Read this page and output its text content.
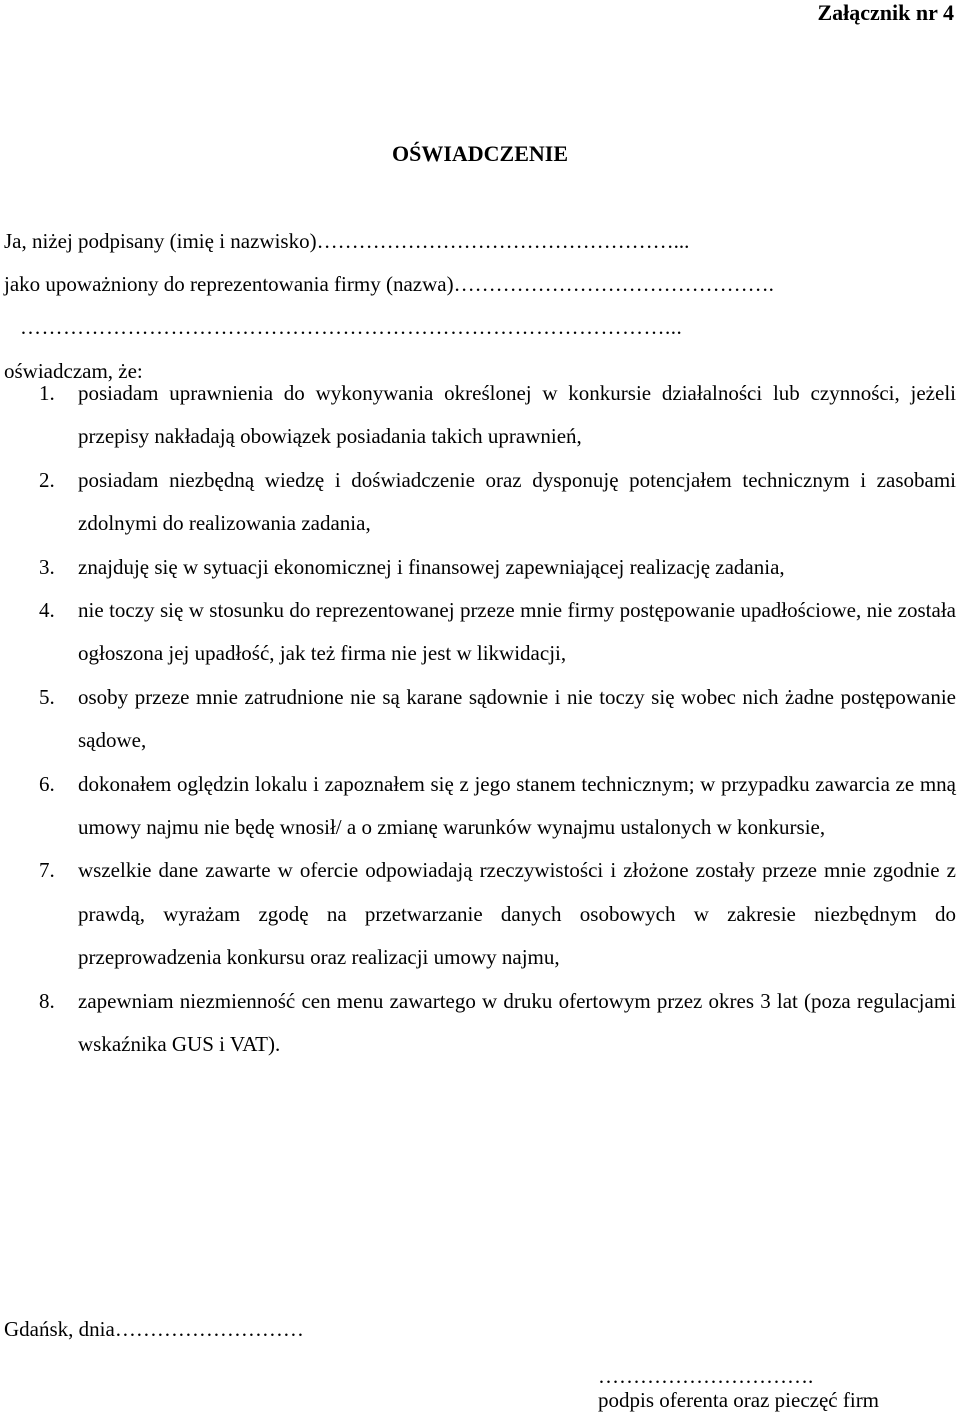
Załącznik nr 4
OŚWIADCZENIE
Ja, niżej podpisany (imię i nazwisko)……………………………………………...
jako upoważniony do reprezentowania firmy (nazwa)……………………………………….
………………………………………………………………………………...
oświadczam, że:
1. posiadam uprawnienia do wykonywania określonej w konkursie działalności lub czynności, jeżeli przepisy nakładają obowiązek posiadania takich uprawnień,
2. posiadam niezbędną wiedzę i doświadczenie oraz dysponuję potencjałem technicznym i zasobami zdolnymi do realizowania zadania,
3. znajduję się w sytuacji ekonomicznej i finansowej zapewniającej realizację zadania,
4. nie toczy się w stosunku do reprezentowanej przeze mnie firmy postępowanie upadłościowe, nie została ogłoszona jej upadłość, jak też firma nie jest w likwidacji,
5. osoby przeze mnie zatrudnione nie są karane sądownie i nie toczy się wobec nich żadne postępowanie sądowe,
6. dokonałem oględzin lokalu i zapoznałem się z jego stanem technicznym; w przypadku zawarcia ze mną umowy najmu nie będę wnosił/ a o zmianę warunków wynajmu ustalonych w konkursie,
7. wszelkie dane zawarte w ofercie odpowiadają rzeczywistości i złożone zostały przeze mnie zgodnie z prawdą, wyrażam zgodę na przetwarzanie danych osobowych w zakresie niezbędnym do przeprowadzenia konkursu oraz realizacji umowy najmu,
8. zapewniam niezmienność cen menu zawartego w druku ofertowym przez okres 3 lat (poza regulacjami wskaźnika GUS i VAT).
Gdańsk, dnia………………………
………………………….
podpis oferenta oraz pieczęć firm
